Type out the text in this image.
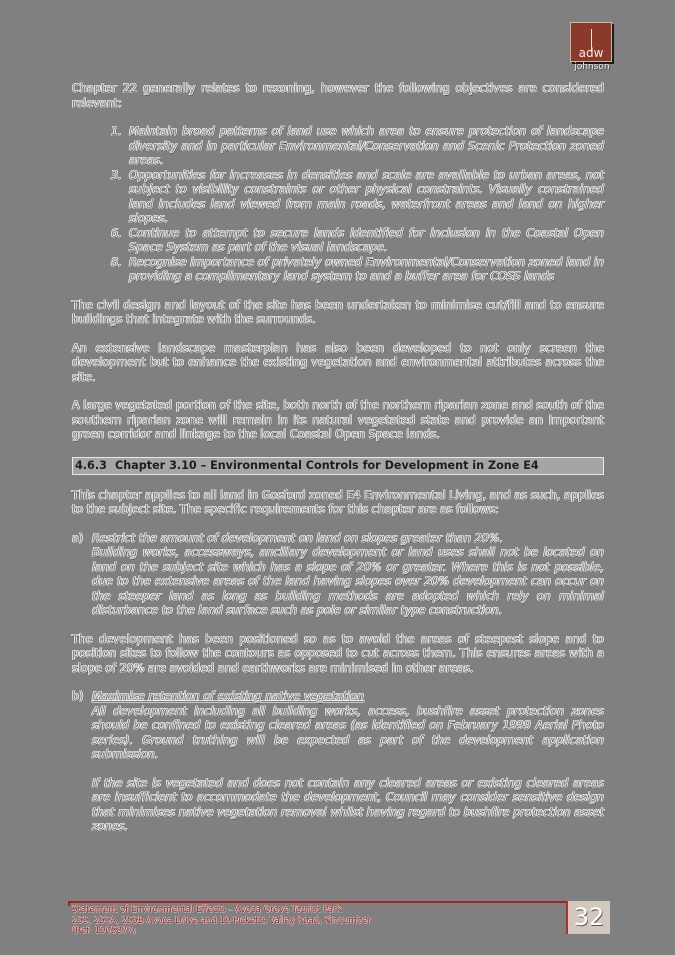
adw
johnson

Chapter 22 generally relates to rezoning, however the following objectives are considered relevant:

1. Maintain broad patterns of land use which area to ensure protection of landscape diversity and in particular Environmental/Conservation and Scenic Protection zoned areas.
3. Opportunities for increases in densities and scale are available to urban areas, not subject to visibility constraints or other physical constraints. Visually constrained land includes land viewed from main roads, waterfront areas and land on higher slopes.
6. Continue to attempt to secure lands identified for inclusion in the Coastal Open Space System as part of the visual landscape.
8. Recognise importance of privately owned Environmental/Conservation zoned land in providing a complimentary land system to and a buffer area for COSS lands

The civil design and layout of the site has been undertaken to minimise cut/fill and to ensure buildings that integrate with the surrounds.

An extensive landscape masterplan has also been developed to not only screen the development but to enhance the existing vegetation and environmental attributes across the site.

A large vegetated portion of the site, both north of the northern riparian zone and south of the southern riparian zone will remain in its natural vegetated state and provide an important green corridor and linkage to the local Coastal Open Space lands.

4.6.3 Chapter 3.10 – Environmental Controls for Development in Zone E4

This chapter applies to all land in Gosford zoned E4 Environmental Living, and as such, applies to the subject site. The specific requirements for this chapter are as follows:

a) Restrict the amount of development on land on slopes greater than 20%.

Building works, accessways, ancillary development or land uses shall not be located on land on the subject site which has a slope of 20% or greater. Where this is not possible, due to the extensive areas of the land having slopes over 20% development can occur on the steeper land as long as building methods are adopted which rely on minimal disturbance to the land surface such as pole or similar type construction.

The development has been positioned so as to avoid the areas of steepest slope and to position sites to follow the contours as opposed to cut across them. This ensures areas with a slope of 20% are avoided and earthworks are minimised in other areas.

b) Maximise retention of existing native vegetation

All development including all building works, access, bushfire asset protection zones should be confined to existing cleared areas (as identified on February 1999 Aerial Photo series). Ground truthing will be expected as part of the development application submission.

If the site is vegetated and does not contain any cleared areas or existing cleared areas are insufficient to accommodate the development, Council may consider sensitive design that minimises native vegetation removal whilst having regard to bushfire protection asset zones.

Statement of Environmental Effects – Avoca Grove Tourist Park
255, 255A, 255B Avoca Drive and 19 Picketts Valley Road, Kincumber
(Ref: 1905877)	32
